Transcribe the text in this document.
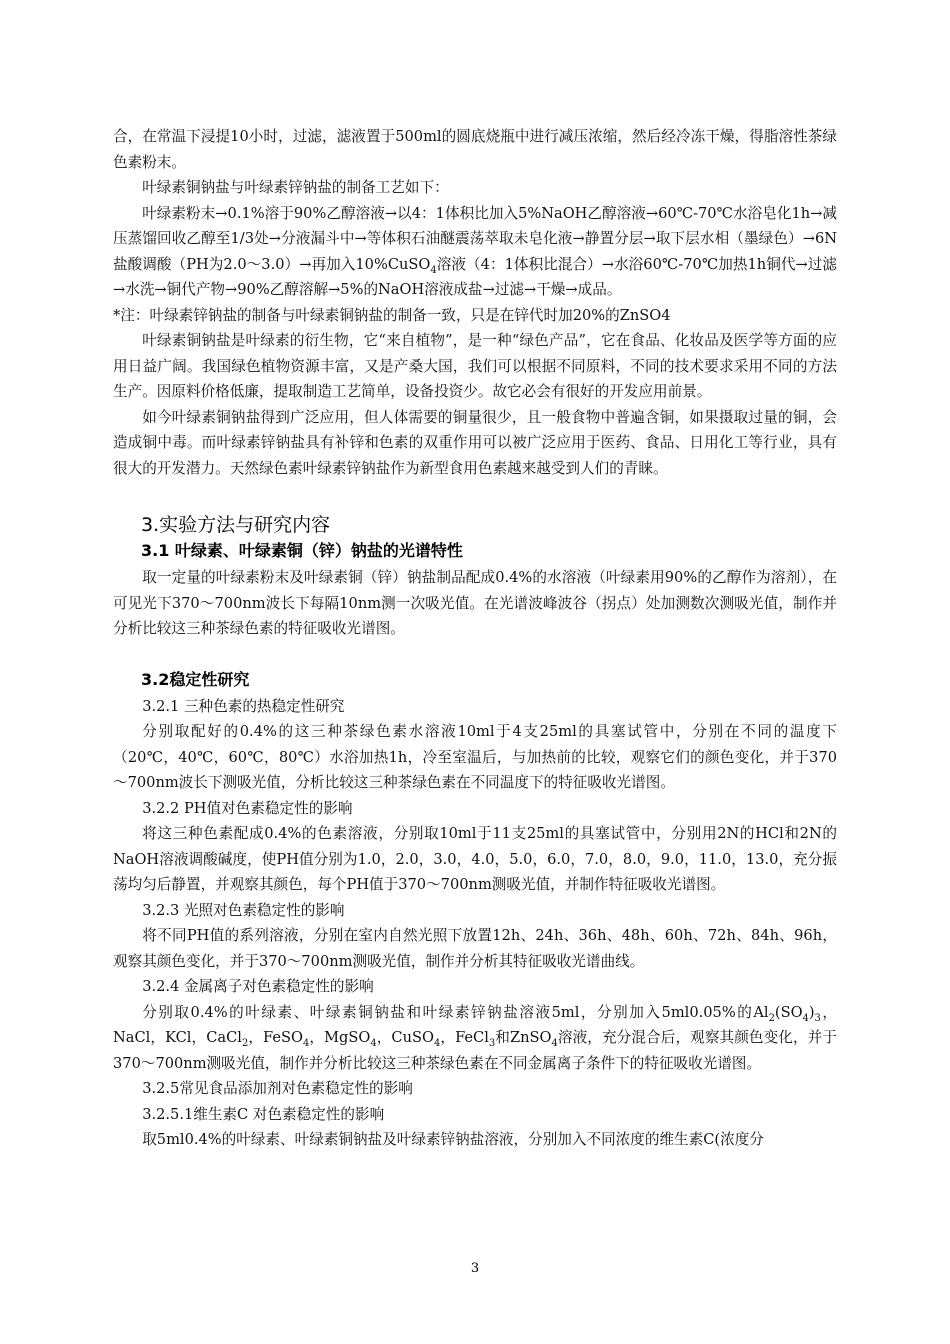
合，在常温下浸提10小时，过滤，滤液置于500ml的圆底烧瓶中进行减压浓缩，然后经冷冻干燥，得脂溶性茶绿色素粉末。

叶绿素铜钠盐与叶绿素锌钠盐的制备工艺如下：

叶绿素粉末→0.1%溶于90%乙醇溶液→以4：1体积比加入5%NaOH乙醇溶液→60℃-70℃水浴皂化1h→减压蒸馏回收乙醇至1/3处→分液漏斗中→等体积石油醚震荡萃取未皂化液→静置分层→取下层水相（墨绿色）→6N盐酸调酸（PH为2.0～3.0）→再加入10%CuSO$_4$溶液（4：1体积比混合）→水浴60℃-70℃加热1h铜代→过滤→水洗→铜代产物→90%乙醇溶解→5%的NaOH溶液成盐→过滤→干燥→成品。

*注：叶绿素锌钠盐的制备与叶绿素铜钠盐的制备一致，只是在锌代时加20%的ZnSO4

叶绿素铜钠盐是叶绿素的衍生物，它“来自植物”，是一种“绿色产品”，它在食品、化妆品及医学等方面的应用日益广阔。我国绿色植物资源丰富，又是产桑大国，我们可以根据不同原料，不同的技术要求采用不同的方法生产。因原料价格低廉，提取制造工艺简单，设备投资少。故它必会有很好的开发应用前景。

如今叶绿素铜钠盐得到广泛应用，但人体需要的铜量很少，且一般食物中普遍含铜，如果摄取过量的铜，会造成铜中毒。而叶绿素锌钠盐具有补锌和色素的双重作用可以被广泛应用于医药、食品、日用化工等行业，具有很大的开发潜力。天然绿色素叶绿素锌钠盐作为新型食用色素越来越受到人们的青睐。

3.实验方法与研究内容
3.1 叶绿素、叶绿素铜（锌）钠盐的光谱特性

取一定量的叶绿素粉末及叶绿素铜（锌）钠盐制品配成0.4%的水溶液（叶绿素用90%的乙醇作为溶剂），在可见光下370～700nm波长下每隔10nm测一次吸光值。在光谱波峰波谷（拐点）处加测数次测吸光值，制作并分析比较这三种茶绿色素的特征吸收光谱图。

3.2稳定性研究

3.2.1 三种色素的热稳定性研究

分别取配好的0.4%的这三种茶绿色素水溶液10ml于4支25ml的具塞试管中，分别在不同的温度下（20℃，40℃，60℃，80℃）水浴加热1h，冷至室温后，与加热前的比较，观察它们的颜色变化，并于370～700nm波长下测吸光值，分析比较这三种茶绿色素在不同温度下的特征吸收光谱图。

3.2.2 PH值对色素稳定性的影响

将这三种色素配成0.4%的色素溶液，分别取10ml于11支25ml的具塞试管中，分别用2N的HCl和2N的NaOH溶液调酸碱度，使PH值分别为1.0，2.0，3.0，4.0，5.0，6.0，7.0，8.0，9.0，11.0，13.0，充分振荡均匀后静置，并观察其颜色，每个PH值于370～700nm测吸光值，并制作特征吸收光谱图。

3.2.3 光照对色素稳定性的影响

将不同PH值的系列溶液，分别在室内自然光照下放置12h、24h、36h、48h、60h、72h、84h、96h，观察其颜色变化，并于370～700nm测吸光值，制作并分析其特征吸收光谱曲线。

3.2.4 金属离子对色素稳定性的影响

分别取0.4%的叶绿素、叶绿素铜钠盐和叶绿素锌钠盐溶液5ml，分别加入5ml0.05%的$Al_2(SO_4)_3$，NaCl，KCl，CaCl$_2$，FeSO$_4$，MgSO$_4$，CuSO$_4$，FeCl$_3$和ZnSO$_4$溶液，充分混合后，观察其颜色变化，并于370～700nm测吸光值，制作并分析比较这三种茶绿色素在不同金属离子条件下的特征吸收光谱图。

3.2.5常见食品添加剂对色素稳定性的影响

3.2.5.1维生素C 对色素稳定性的影响

取5ml0.4%的叶绿素、叶绿素铜钠盐及叶绿素锌钠盐溶液，分别加入不同浓度的维生素C(浓度分

3
